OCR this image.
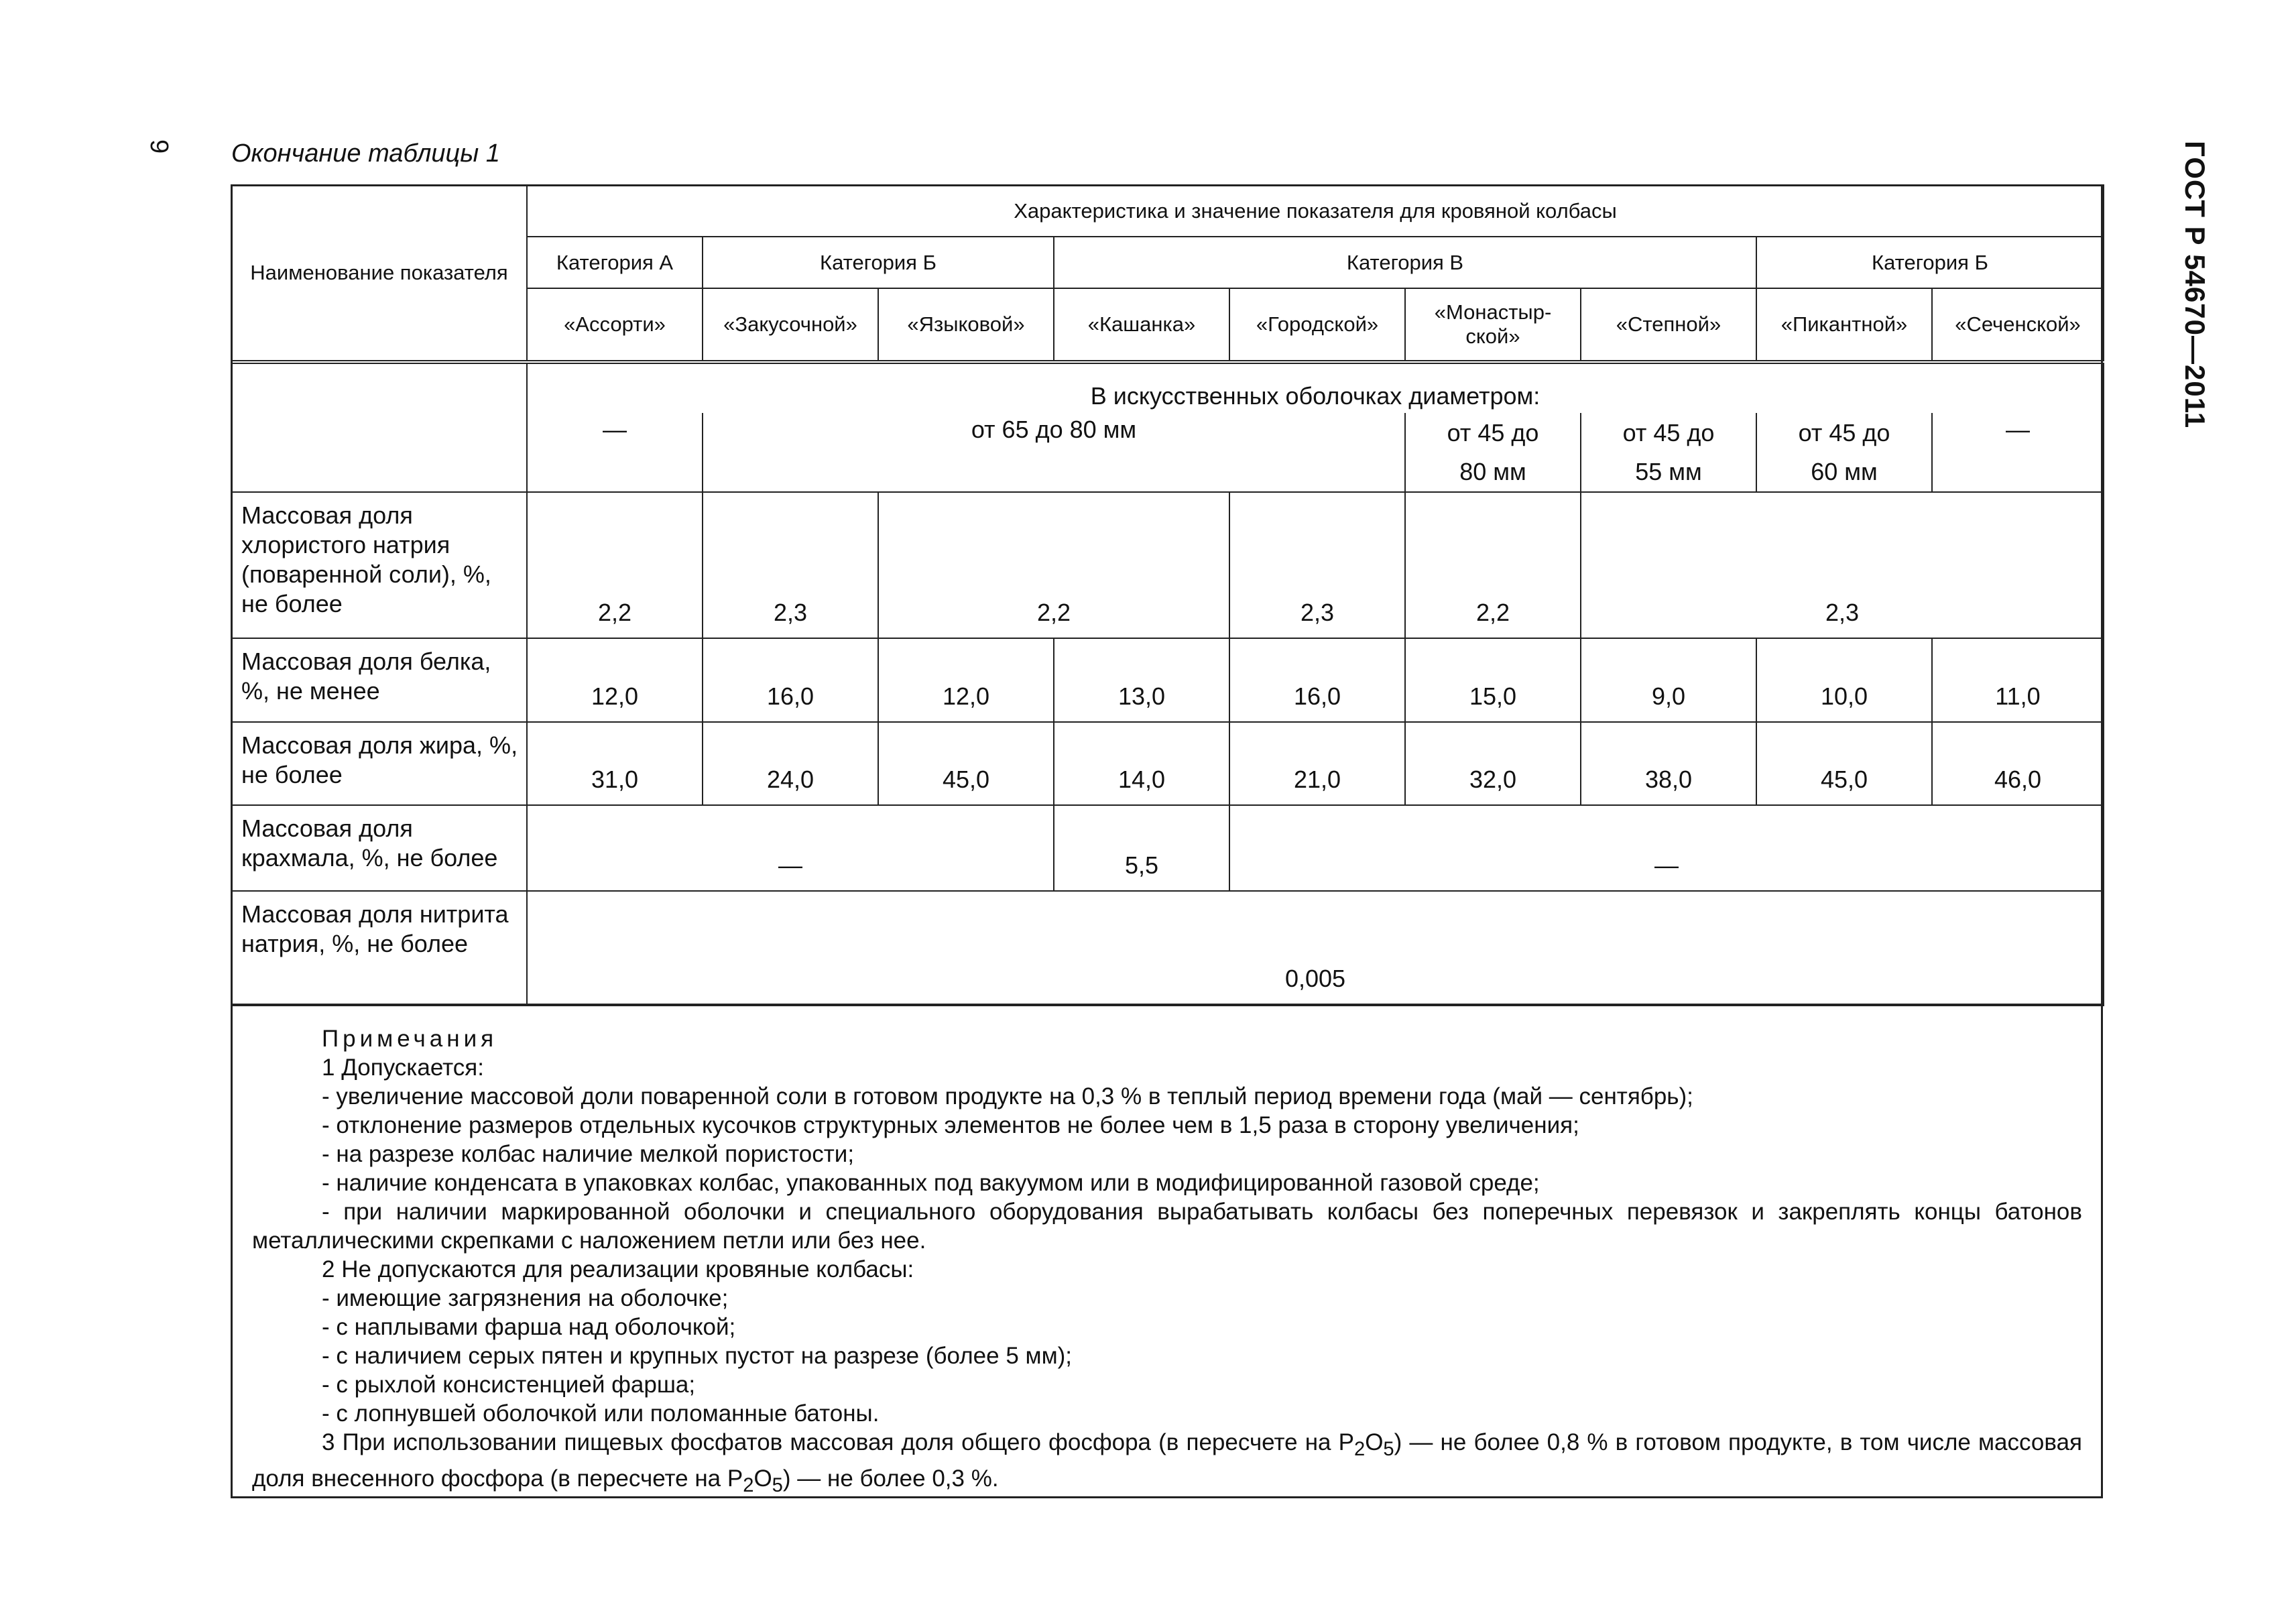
9 Окончание таблицы 1	ГОСТ Р 54670—2011
Наименование показателя	Характеристика и значение показателя для кровяной колбасы								
	Категория А	Категория Б		Категория В				Категория Б	
	«Ассорти»	«Закусочной»	«Языковой»	«Кашанка»	«Городской»	«Монастыр-ской»	«Степной»	«Пикантной»	«Сеченской»
	В искусственных оболочках диаметром:								
	—	от 65 до 80 мм				от 45 до 80 мм	от 45 до 55 мм	от 45 до 60 мм	—
Массовая доля хлористого натрия (поваренной соли), %, не более	2,2	2,3	2,2		2,3	2,2	2,3		
Массовая доля белка, %, не менее	12,0	16,0	12,0	13,0	16,0	15,0	9,0	10,0	11,0
Массовая доля жира, %, не более	31,0	24,0	45,0	14,0	21,0	32,0	38,0	45,0	46,0
Массовая доля крахмала, %, не более	—			5,5	—				
Массовая доля нитрита натрия, %, не более	0,005								

Примечания

1 Допускается:

- увеличение массовой доли поваренной соли в готовом продукте на 0,3 % в теплый период времени года (май — сентябрь);

- отклонение размеров отдельных кусочков структурных элементов не более чем в 1,5 раза в сторону увеличения;

- на разрезе колбас наличие мелкой пористости;

- наличие конденсата в упаковках колбас, упакованных под вакуумом или в модифицированной газовой среде;

- при наличии маркированной оболочки и специального оборудования вырабатывать колбасы без поперечных перевязок и закреплять концы батонов металлическими скрепками с наложением петли или без нее.

2 Не допускаются для реализации кровяные колбасы:

- имеющие загрязнения на оболочке;

- с наплывами фарша над оболочкой;

- с наличием серых пятен и крупных пустот на разрезе (более 5 мм);

- с рыхлой консистенцией фарша;

- с лопнувшей оболочкой или поломанные батоны.

3 При использовании пищевых фосфатов массовая доля общего фосфора (в пересчете на $P_2O_5$) — не более 0,8 % в готовом продукте, в том числе массовая доля внесенного фосфора (в пересчете на $P_2O_5$) — не более 0,3 %.
